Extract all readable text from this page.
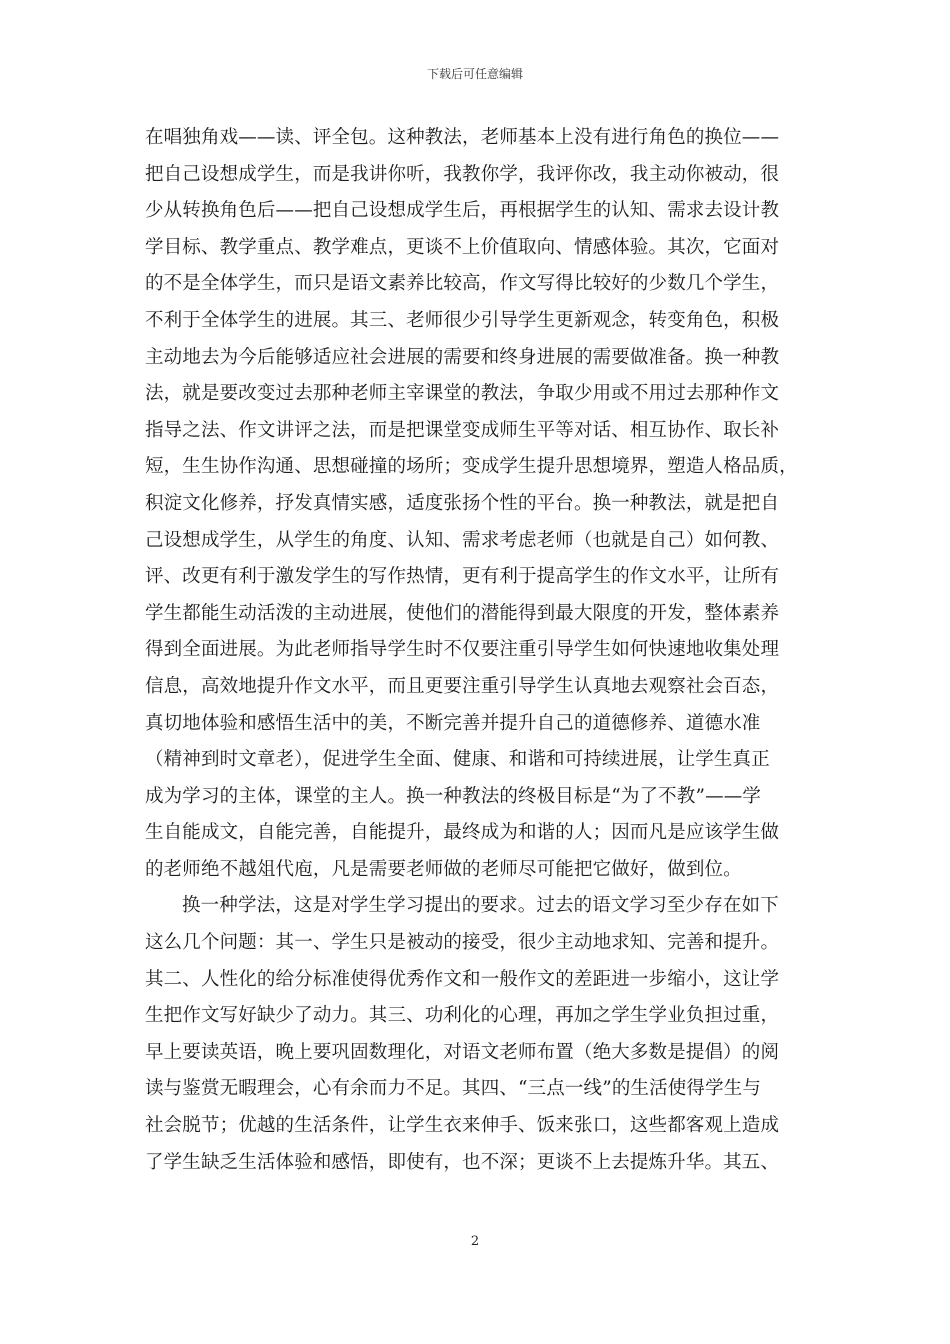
下载后可任意编辑
在唱独角戏——读、评全包。这种教法，老师基本上没有进行角色的换位——
把自己设想成学生，而是我讲你听，我教你学，我评你改，我主动你被动，很
少从转换角色后——把自己设想成学生后，再根据学生的认知、需求去设计教
学目标、教学重点、教学难点，更谈不上价值取向、情感体验。其次，它面对
的不是全体学生，而只是语文素养比较高，作文写得比较好的少数几个学生，
不利于全体学生的进展。其三、老师很少引导学生更新观念，转变角色，积极
主动地去为今后能够适应社会进展的需要和终身进展的需要做准备。换一种教
法，就是要改变过去那种老师主宰课堂的教法，争取少用或不用过去那种作文
指导之法、作文讲评之法，而是把课堂变成师生平等对话、相互协作、取长补
短，生生协作沟通、思想碰撞的场所；变成学生提升思想境界，塑造人格品质，
积淀文化修养，抒发真情实感，适度张扬个性的平台。换一种教法，就是把自
己设想成学生，从学生的角度、认知、需求考虑老师（也就是自己）如何教、
评、改更有利于激发学生的写作热情，更有利于提高学生的作文水平，让所有
学生都能生动活泼的主动进展，使他们的潜能得到最大限度的开发，整体素养
得到全面进展。为此老师指导学生时不仅要注重引导学生如何快速地收集处理
信息，高效地提升作文水平，而且更要注重引导学生认真地去观察社会百态，
真切地体验和感悟生活中的美，不断完善并提升自己的道德修养、道德水准
（精神到时文章老），促进学生全面、健康、和谐和可持续进展，让学生真正
成为学习的主体，课堂的主人。换一种教法的终极目标是“为了不教”——学
生自能成文，自能完善，自能提升，最终成为和谐的人；因而凡是应该学生做
的老师绝不越俎代庖，凡是需要老师做的老师尽可能把它做好，做到位。
换一种学法，这是对学生学习提出的要求。过去的语文学习至少存在如下
这么几个问题：其一、学生只是被动的接受，很少主动地求知、完善和提升。
其二、人性化的给分标准使得优秀作文和一般作文的差距进一步缩小，这让学
生把作文写好缺少了动力。其三、功利化的心理，再加之学生学业负担过重，
早上要读英语，晚上要巩固数理化，对语文老师布置（绝大多数是提倡）的阅
读与鉴赏无暇理会，心有余而力不足。其四、“三点一线”的生活使得学生与
社会脱节；优越的生活条件，让学生衣来伸手、饭来张口，这些都客观上造成
了学生缺乏生活体验和感悟，即使有，也不深；更谈不上去提炼升华。其五、
2
